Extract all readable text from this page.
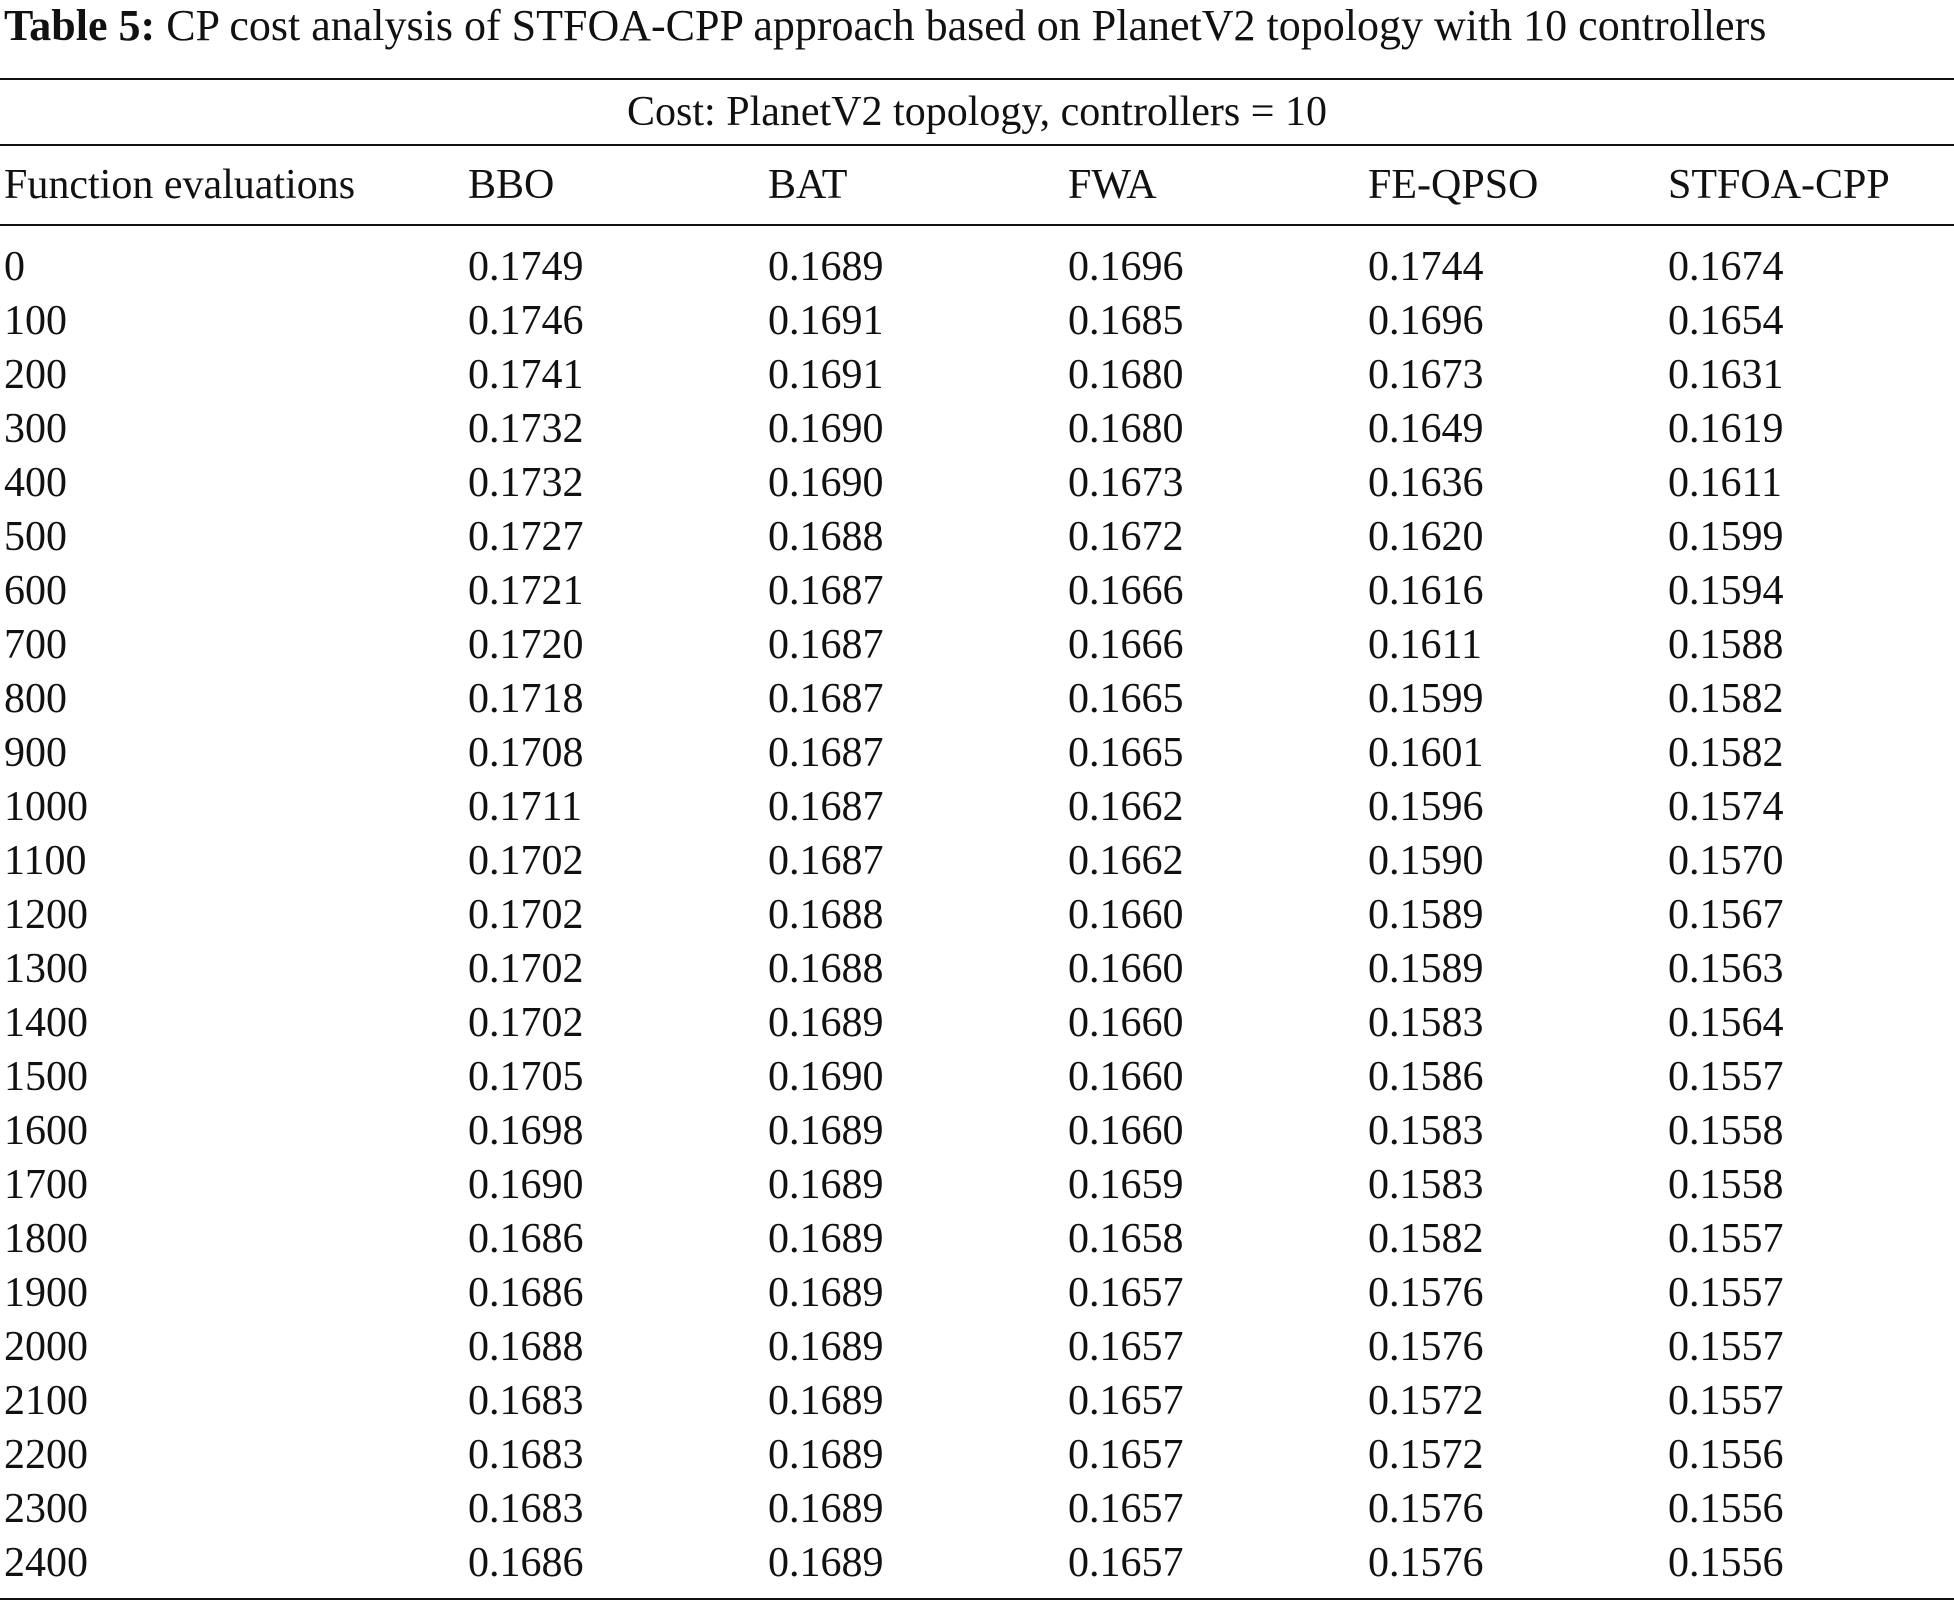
Table 5: CP cost analysis of STFOA-CPP approach based on PlanetV2 topology with 10 controllers
Cost: PlanetV2 topology, controllers = 10
Function evaluations	BBO	BAT	FWA	FE-QPSO	STFOA-CPP
0	0.1749	0.1689	0.1696	0.1744	0.1674
100	0.1746	0.1691	0.1685	0.1696	0.1654
200	0.1741	0.1691	0.1680	0.1673	0.1631
300	0.1732	0.1690	0.1680	0.1649	0.1619
400	0.1732	0.1690	0.1673	0.1636	0.1611
500	0.1727	0.1688	0.1672	0.1620	0.1599
600	0.1721	0.1687	0.1666	0.1616	0.1594
700	0.1720	0.1687	0.1666	0.1611	0.1588
800	0.1718	0.1687	0.1665	0.1599	0.1582
900	0.1708	0.1687	0.1665	0.1601	0.1582
1000	0.1711	0.1687	0.1662	0.1596	0.1574
1100	0.1702	0.1687	0.1662	0.1590	0.1570
1200	0.1702	0.1688	0.1660	0.1589	0.1567
1300	0.1702	0.1688	0.1660	0.1589	0.1563
1400	0.1702	0.1689	0.1660	0.1583	0.1564
1500	0.1705	0.1690	0.1660	0.1586	0.1557
1600	0.1698	0.1689	0.1660	0.1583	0.1558
1700	0.1690	0.1689	0.1659	0.1583	0.1558
1800	0.1686	0.1689	0.1658	0.1582	0.1557
1900	0.1686	0.1689	0.1657	0.1576	0.1557
2000	0.1688	0.1689	0.1657	0.1576	0.1557
2100	0.1683	0.1689	0.1657	0.1572	0.1557
2200	0.1683	0.1689	0.1657	0.1572	0.1556
2300	0.1683	0.1689	0.1657	0.1576	0.1556
2400	0.1686	0.1689	0.1657	0.1576	0.1556
